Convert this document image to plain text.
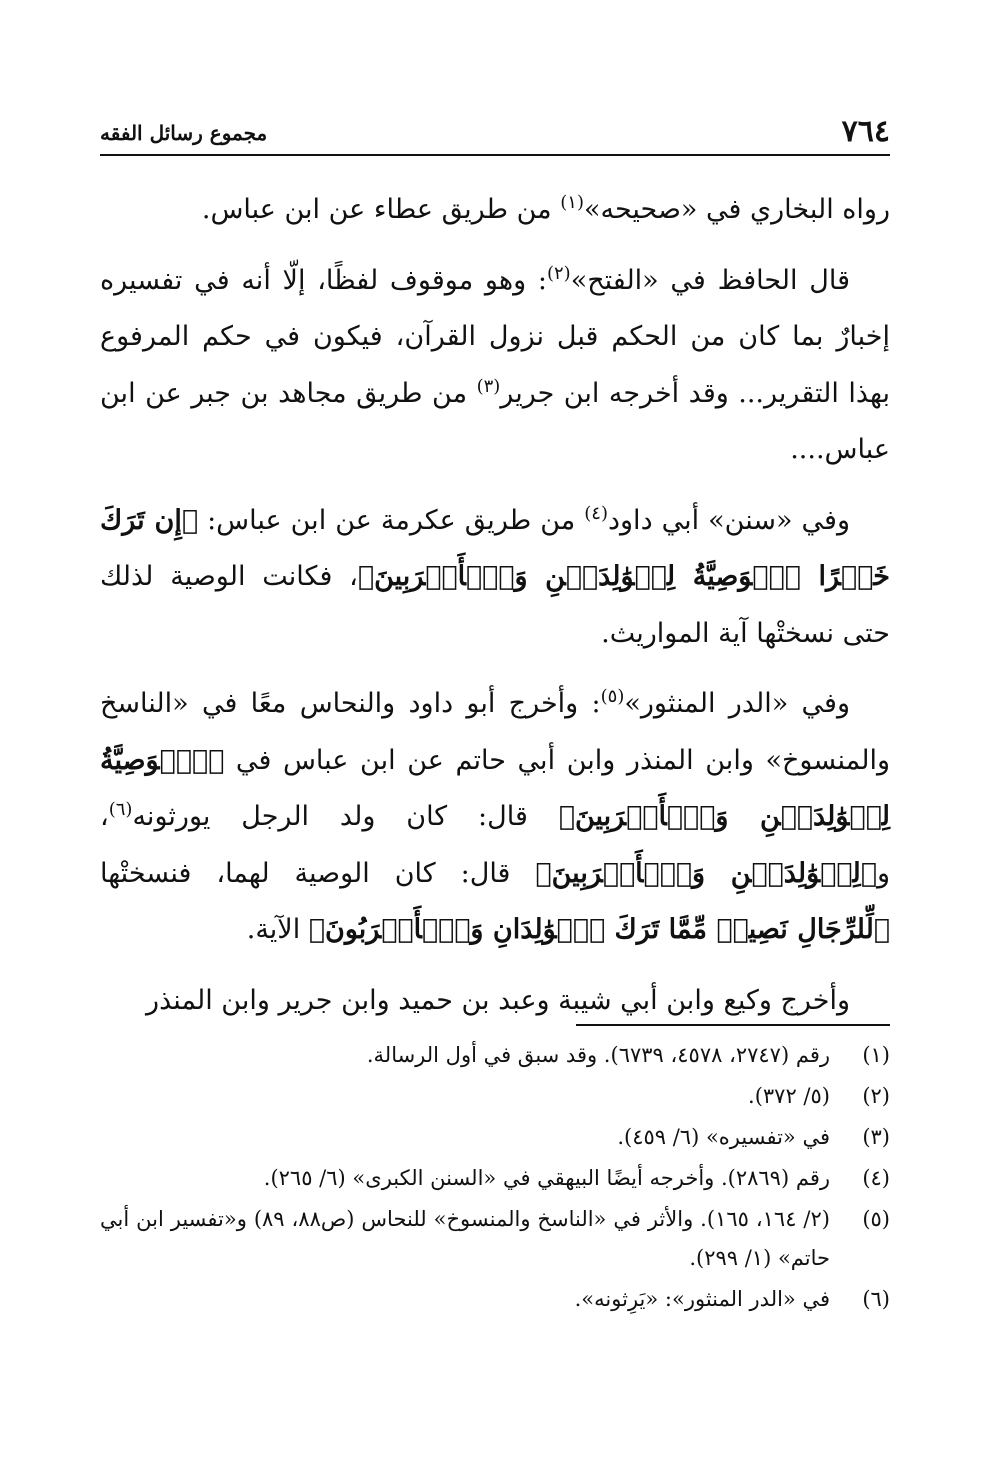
٧٦٤
مجموع رسائل الفقه

رواه البخاري في «صحيحه»$^{(١)}$ من طريق عطاء عن ابن عباس.

قال الحافظ في «الفتح»$^{(٢)}$: وهو موقوف لفظًا، إلّا أنه في تفسيره إخبارٌ بما كان من الحكم قبل نزول القرآن، فيكون في حكم المرفوع بهذا التقرير... وقد أخرجه ابن جرير$^{(٣)}$ من طريق مجاهد بن جبر عن ابن عباس....

وفي «سنن» أبي داود$^{(٤)}$ من طريق عكرمة عن ابن عباس: ﴿إِن تَرَكَ خَيۡرًا ٱلۡوَصِيَّةُ لِلۡوَٰلِدَيۡنِ وَٱلۡأَقۡرَبِينَ﴾، فكانت الوصية لذلك حتى نسختْها آية المواريث.

وفي «الدر المنثور»$^{(٥)}$: وأخرج أبو داود والنحاس معًا في «الناسخ والمنسوخ» وابن المنذر وابن أبي حاتم عن ابن عباس في ﴿ٱلۡوَصِيَّةُ لِلۡوَٰلِدَيۡنِ وَٱلۡأَقۡرَبِينَ﴾ قال: كان ولد الرجل يورثونه$^{(٦)}$، و﴿لِلۡوَٰلِدَيۡنِ وَٱلۡأَقۡرَبِينَ﴾ قال: كان الوصية لهما، فنسختْها ﴿لِّلرِّجَالِ نَصِيبٞ مِّمَّا تَرَكَ ٱلۡوَٰلِدَانِ وَٱلۡأَقۡرَبُونَ﴾ الآية.

وأخرج وكيع وابن أبي شيبة وعبد بن حميد وابن جرير وابن المنذر

(١)
رقم (٢٧٤٧، ٤٥٧٨، ٦٧٣٩). وقد سبق في أول الرسالة.
(٢)
(٥/ ٣٧٢).
(٣)
في «تفسيره» (٦/ ٤٥٩).
(٤)
رقم (٢٨٦٩). وأخرجه أيضًا البيهقي في «السنن الكبرى» (٦/ ٢٦٥).
(٥)
(٢/ ١٦٤، ١٦٥). والأثر في «الناسخ والمنسوخ» للنحاس (ص٨٨، ٨٩) و«تفسير ابن أبي حاتم» (١/ ٢٩٩).
(٦)
في «الدر المنثور»: «يَرِثونه».
